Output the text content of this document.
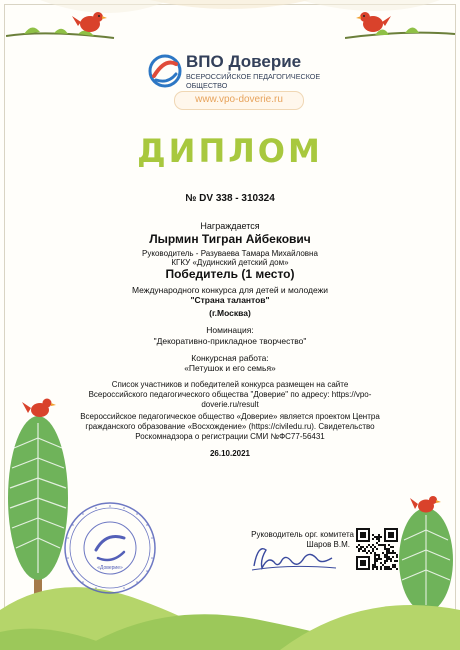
ВПО Доверие
ВСЕРОССИЙСКОЕ ПЕДАГОГИЧЕСКОЕ
ОБЩЕСТВО
www.vpo-doverie.ru
ДИПЛОМ
№ DV 338 - 310324
Награждается
Лырмин Тигран Айбекович
Руководитель - Разуваева Тамара Михайловна
КГКУ «Дудинский детский дом»
Победитель (1 место)
Международного конкурса для детей и молодежи
"Страна талантов"
(г.Москва)
Номинация:
"Декоративно-прикладное творчество"
Конкурсная работа:
«Петушок и его семья»
Список участников и победителей конкурса размещен на сайте
Всероссийского педагогического общества "Доверие" по адресу: https://vpo-
doverie.ru/result
Всероссийское педагогическое общество «Доверие» является проектом Центра
гражданского образование «Восхождение» (https://civiledu.ru). Свидетельство
Роскомнадзора о регистрации СМИ №ФС77-56431
26.10.2021
«Доверие»
Руководитель орг. комитета
Шаров В.М.
